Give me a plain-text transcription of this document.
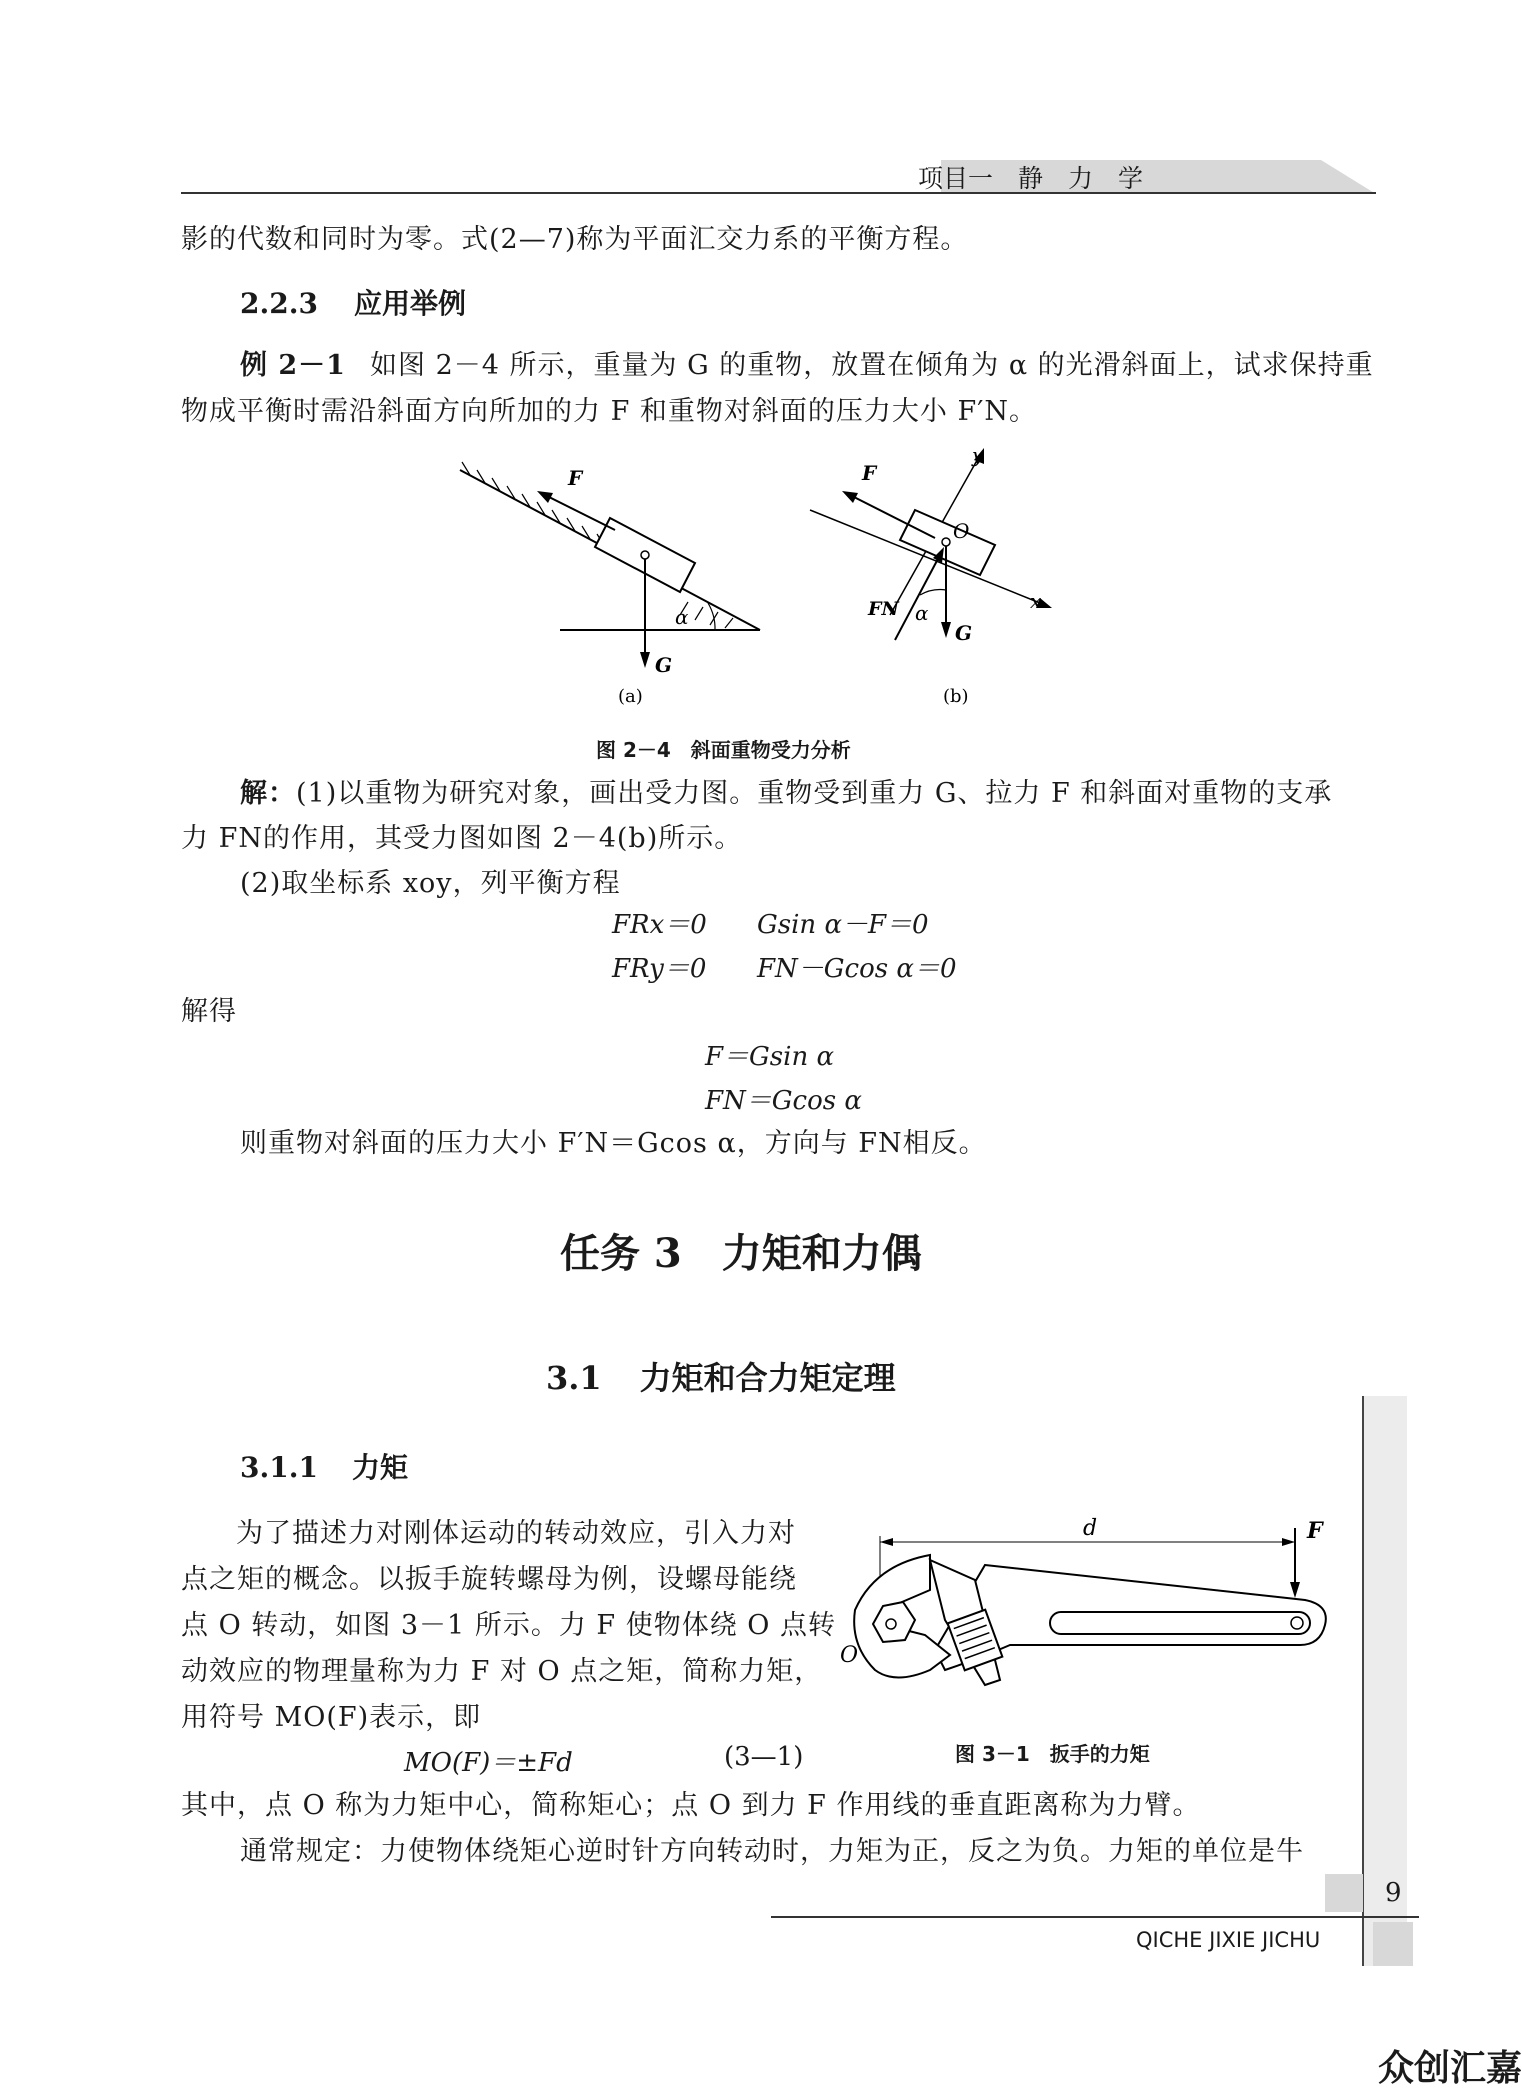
项目一　静　力　学
影的代数和同时为零。式(2—7)称为平面汇交力系的平衡方程。
2.2.3 应用举例
例 2－1 如图 2－4 所示，重量为 G 的重物，放置在倾角为 α 的光滑斜面上，试求保持重
物成平衡时需沿斜面方向所加的力 F 和重物对斜面的压力大小 F′N。
F
G
α
(a)
F
y
O
x
FN α
G
(b)
图 2－4　斜面重物受力分析
解：(1)以重物为研究对象，画出受力图。重物受到重力 G、拉力 F 和斜面对重物的支承
力 FN的作用，其受力图如图 2－4(b)所示。
(2)取坐标系 xoy，列平衡方程
FRx＝0 Gsin α－F＝0
FRy＝0 FN－Gcos α＝0
解得
F＝Gsin α
FN＝Gcos α
则重物对斜面的压力大小 F′N＝Gcos α，方向与 FN相反。
任务 3　力矩和力偶
3.1 力矩和合力矩定理
3.1.1 力矩
为了描述力对刚体运动的转动效应，引入力对
点之矩的概念。以扳手旋转螺母为例，设螺母能绕
点 O 转动，如图 3－1 所示。力 F 使物体绕 O 点转
动效应的物理量称为力 F 对 O 点之矩，简称力矩，
用符号 MO(F)表示，即
MO(F)＝±Fd	(3—1)
d	F
O
图 3－1　扳手的力矩
其中，点 O 称为力矩中心，简称矩心；点 O 到力 F 作用线的垂直距离称为力臂。
通常规定：力使物体绕矩心逆时针方向转动时，力矩为正，反之为负。力矩的单位是牛
9
QICHE JIXIE JICHU
众创汇嘉
